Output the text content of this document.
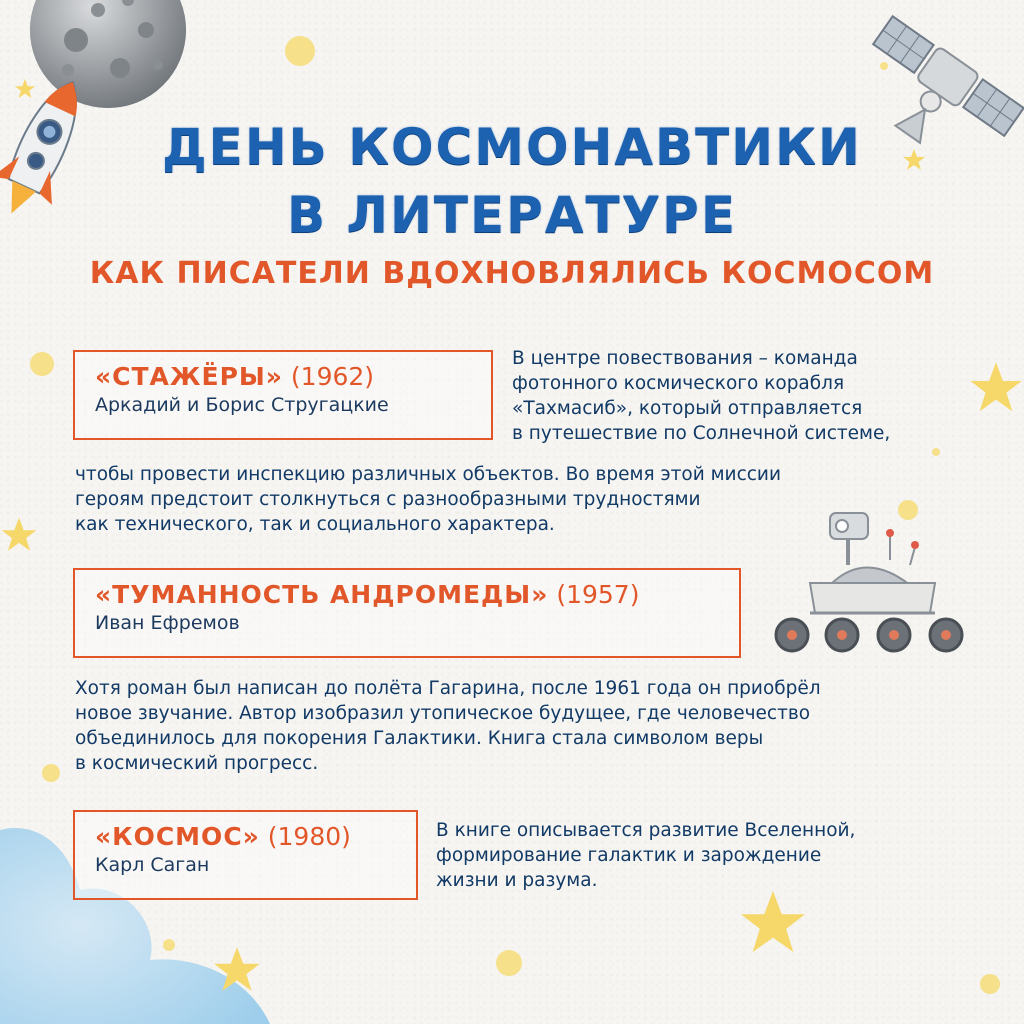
ДЕНЬ КОСМОНАВТИКИ
В ЛИТЕРАТУРЕ
КАК ПИСАТЕЛИ ВДОХНОВЛЯЛИСЬ КОСМОСОМ
«СТАЖЁРЫ» (1962)
Аркадий и Борис Стругацкие
В центре повествования – команда
фотонного космического корабля
«Тахмасиб», который отправляется
в путешествие по Солнечной системе,
чтобы провести инспекцию различных объектов. Во время этой миссии
героям предстоит столкнуться с разнообразными трудностями
как технического, так и социального характера.
«ТУМАННОСТЬ АНДРОМЕДЫ» (1957)
Иван Ефремов
Хотя роман был написан до полёта Гагарина, после 1961 года он приобрёл
новое звучание. Автор изобразил утопическое будущее, где человечество
объединилось для покорения Галактики. Книга стала символом веры
в космический прогресс.
«КОСМОС» (1980)
Карл Саган
В книге описывается развитие Вселенной,
формирование галактик и зарождение
жизни и разума.
